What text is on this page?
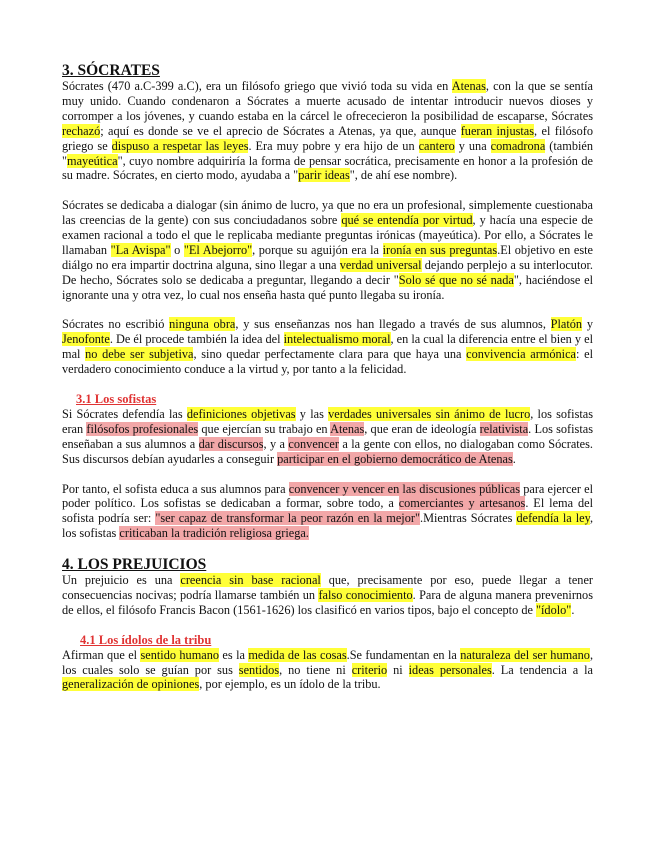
3. SÓCRATES

Sócrates (470 a.C-399 a.C), era un filósofo griego que vivió toda su vida en Atenas, con la que se sentía muy unido. Cuando condenaron a Sócrates a muerte acusado de intentar introducir nuevos dioses y corromper a los jóvenes, y cuando estaba en la cárcel le ofrececieron la posibilidad de escaparse, Sócrates rechazó; aquí es donde se ve el aprecio de Sócrates a Atenas, ya que, aunque fueran injustas, el filósofo griego se dispuso a respetar las leyes. Era muy pobre y era hijo de un cantero y una comadrona (también "mayeútica", cuyo nombre adquiriría la forma de pensar socrática, precisamente en honor a la profesión de su madre. Sócrates, en cierto modo, ayudaba a "parir ideas", de ahí ese nombre).

Sócrates se dedicaba a dialogar (sin ánimo de lucro, ya que no era un profesional, simplemente cuestionaba las creencias de la gente) con sus conciudadanos sobre qué se entendía por virtud, y hacía una especie de examen racional a todo el que le replicaba mediante preguntas irónicas (mayeútica). Por ello, a Sócrates le llamaban "La Avispa" o "El Abejorro", porque su aguijón era la ironía en sus preguntas.El objetivo en este diálgo no era impartir doctrina alguna, sino llegar a una verdad universal dejando perplejo a su interlocutor. De hecho, Sócrates solo se dedicaba a preguntar, llegando a decir "Solo sé que no sé nada", haciéndose el ignorante una y otra vez, lo cual nos enseña hasta qué punto llegaba su ironía.

Sócrates no escribió ninguna obra, y sus enseñanzas nos han llegado a través de sus alumnos, Platón y Jenofonte. De él procede también la idea del intelectualismo moral, en la cual la diferencia entre el bien y el mal no debe ser subjetiva, sino quedar perfectamente clara para que haya una convivencia armónica: el verdadero conocimiento conduce a la virtud y, por tanto a la felicidad.

3.1 Los sofistas

Si Sócrates defendía las definiciones objetivas y las verdades universales sin ánimo de lucro, los sofistas eran filósofos profesionales que ejercían su trabajo en Atenas, que eran de ideología relativista. Los sofistas enseñaban a sus alumnos a dar discursos, y a convencer a la gente con ellos, no dialogaban como Sócrates. Sus discursos debían ayudarles a conseguir participar en el gobierno democrático de Atenas.

Por tanto, el sofista educa a sus alumnos para convencer y vencer en las discusiones públicas para ejercer el poder político. Los sofistas se dedicaban a formar, sobre todo, a comerciantes y artesanos. El lema del sofista podría ser: "ser capaz de transformar la peor razón en la mejor".Mientras Sócrates defendía la ley, los sofistas criticaban la tradición religiosa griega.

4. LOS PREJUICIOS

Un prejuicio es una creencia sin base racional que, precisamente por eso, puede llegar a tener consecuencias nocivas; podría llamarse también un falso conocimiento. Para de alguna manera prevenirnos de ellos, el filósofo Francis Bacon (1561-1626) los clasificó en varios tipos, bajo el concepto de "ídolo".

4.1 Los ídolos de la tribu

Afirman que el sentido humano es la medida de las cosas.Se fundamentan en la naturaleza del ser humano, los cuales solo se guían por sus sentidos, no tiene ni criterio ni ideas personales. La tendencia a la generalización de opiniones, por ejemplo, es un ídolo de la tribu.
